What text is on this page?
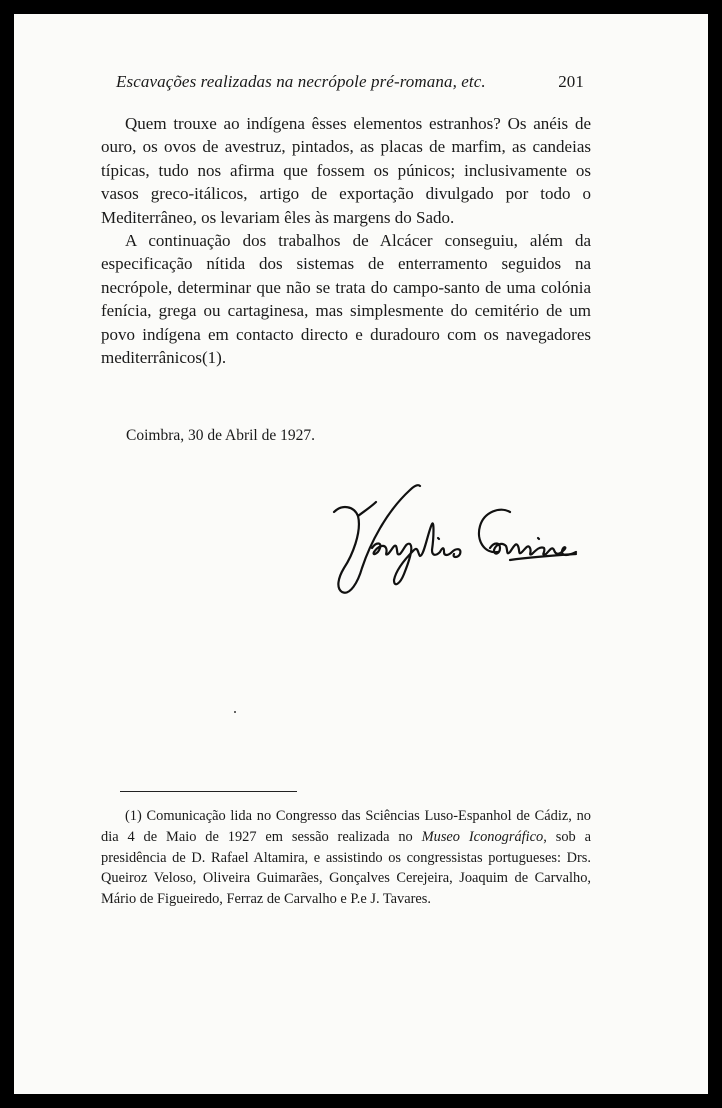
Escavações realizadas na necrópole pré-romana, etc.	201

Quem trouxe ao indígena êsses elementos estranhos? Os anéis de ouro, os ovos de avestruz, pintados, as placas de marfim, as candeias típicas, tudo nos afirma que fossem os púnicos; inclusivamente os vasos greco-itálicos, artigo de exportação divulgado por todo o Mediterrâneo, os levariam êles às margens do Sado.

A continuação dos trabalhos de Alcácer conseguiu, além da especificação nítida dos sistemas de enterramento seguidos na necrópole, determinar que não se trata do campo-santo de uma colónia fenícia, grega ou cartaginesa, mas simplesmente do cemitério de um povo indígena em contacto directo e duradouro com os navegadores mediterrânicos(1).

Coimbra, 30 de Abril de 1927.

(1) Comunicação lida no Congresso das Sciências Luso-Espanhol de Cádiz, no dia 4 de Maio de 1927 em sessão realizada no Museo Iconográfico, sob a presidência de D. Rafael Altamira, e assistindo os congressistas portugueses: Drs. Queiroz Veloso, Oliveira Guimarães, Gonçalves Cerejeira, Joaquim de Carvalho, Mário de Figueiredo, Ferraz de Carvalho e P.e J. Tavares.
